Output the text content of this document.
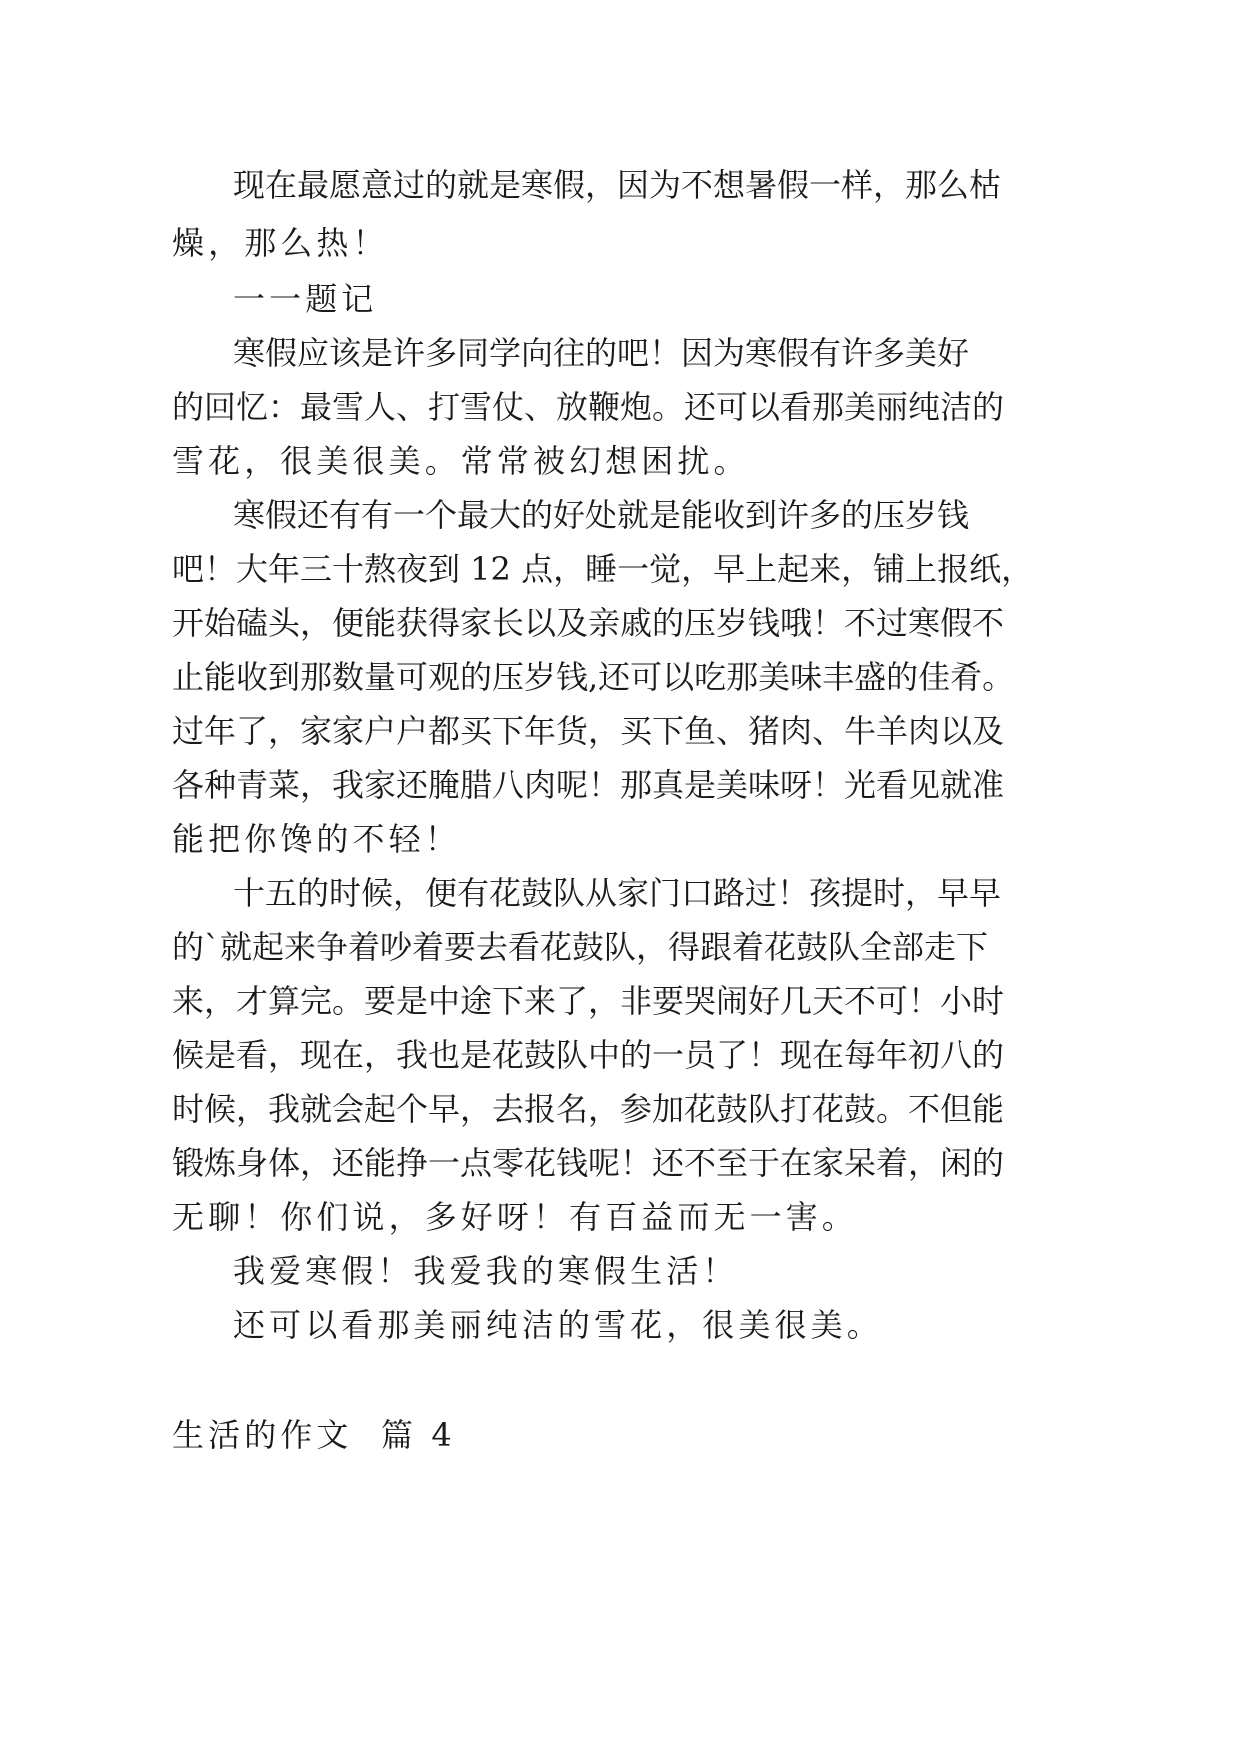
现在最愿意过的就是寒假，因为不想暑假一样，那么枯
燥，那么热！
一一题记
寒假应该是许多同学向往的吧！因为寒假有许多美好
的回忆：最雪人、打雪仗、放鞭炮。还可以看那美丽纯洁的
雪花，很美很美。常常被幻想困扰。
寒假还有有一个最大的好处就是能收到许多的压岁钱
吧！大年三十熬夜到 12 点，睡一觉，早上起来，铺上报纸，
开始磕头，便能获得家长以及亲戚的压岁钱哦！不过寒假不
止能收到那数量可观的压岁钱,还可以吃那美味丰盛的佳肴。
过年了，家家户户都买下年货，买下鱼、猪肉、牛羊肉以及
各种青菜，我家还腌腊八肉呢！那真是美味呀！光看见就准
能把你馋的不轻！
十五的时候，便有花鼓队从家门口路过！孩提时，早早
的`就起来争着吵着要去看花鼓队，得跟着花鼓队全部走下
来，才算完。要是中途下来了，非要哭闹好几天不可！小时
候是看，现在，我也是花鼓队中的一员了！现在每年初八的
时候，我就会起个早，去报名，参加花鼓队打花鼓。不但能
锻炼身体，还能挣一点零花钱呢！还不至于在家呆着，闲的
无聊！你们说，多好呀！有百益而无一害。
我爱寒假！我爱我的寒假生活！
还可以看那美丽纯洁的雪花，很美很美。
生活的作文  篇 4
